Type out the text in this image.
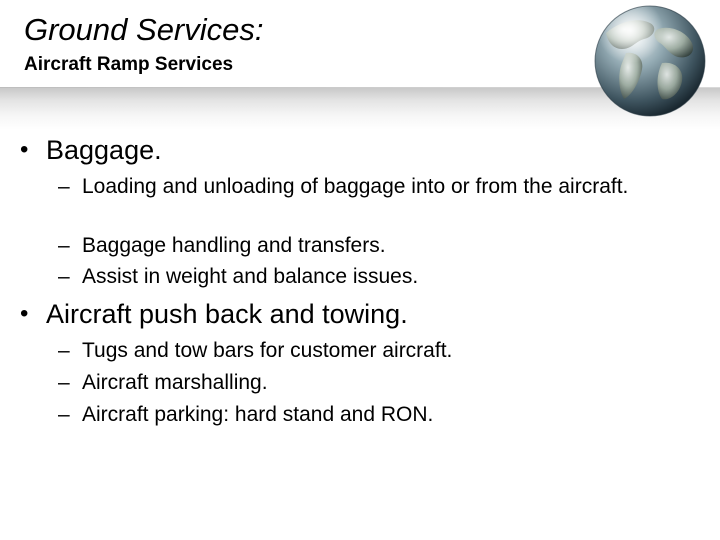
Ground Services:
Aircraft Ramp Services
• Baggage.
– Loading and unloading of baggage into or from the aircraft.
– Baggage handling and transfers.
– Assist in weight and balance issues.
• Aircraft push back and towing.
– Tugs and tow bars for customer aircraft.
– Aircraft marshalling.
– Aircraft parking: hard stand and RON.
